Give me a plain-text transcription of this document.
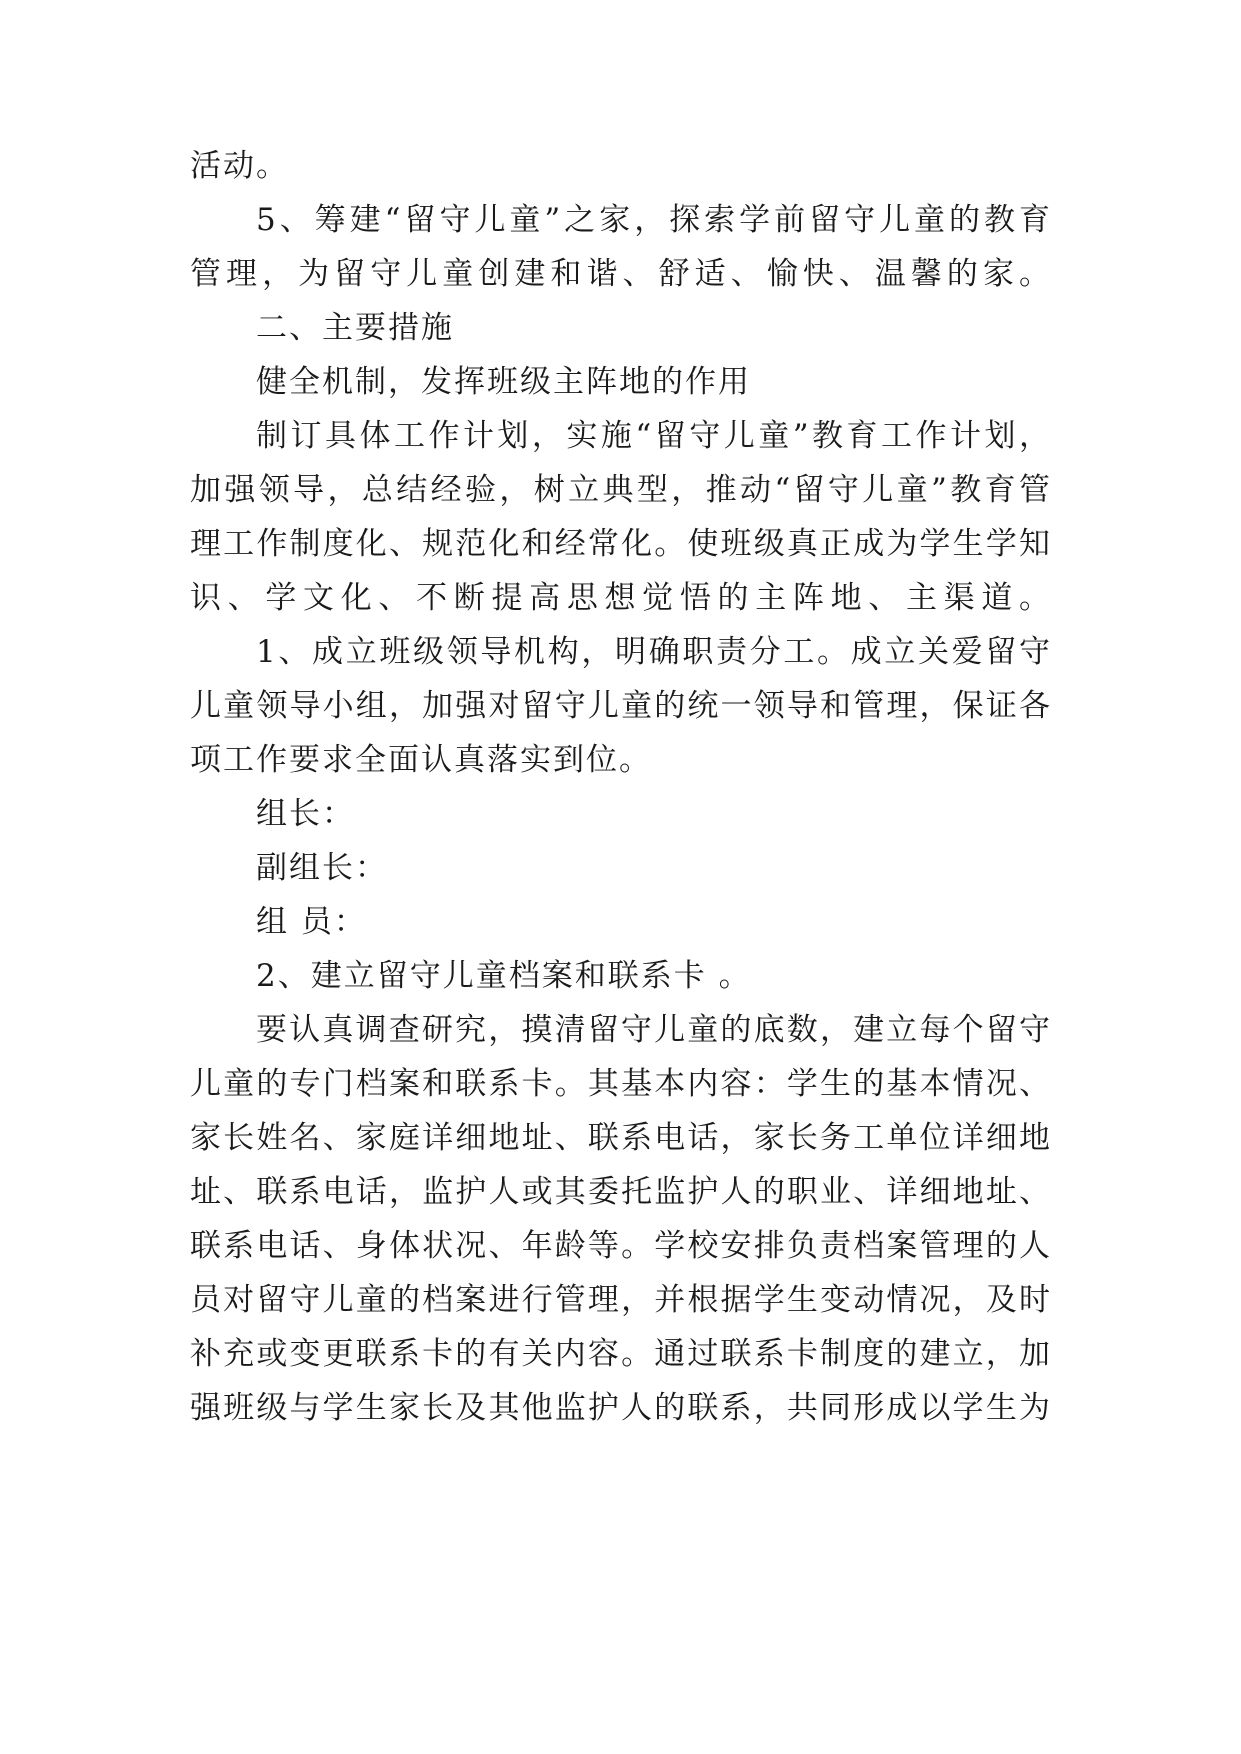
活动。
5、筹建“留守儿童”之家，探索学前留守儿童的教育
管理，为留守儿童创建和谐、舒适、愉快、温馨的家。
二、主要措施
健全机制，发挥班级主阵地的作用
制订具体工作计划，实施“留守儿童”教育工作计划，
加强领导，总结经验，树立典型，推动“留守儿童”教育管
理工作制度化、规范化和经常化。使班级真正成为学生学知
识、学文化、不断提高思想觉悟的主阵地、主渠道。
1、成立班级领导机构，明确职责分工。成立关爱留守
儿童领导小组，加强对留守儿童的统一领导和管理，保证各
项工作要求全面认真落实到位。
组长：
副组长：
组 员：
2、建立留守儿童档案和联系卡 。
要认真调查研究，摸清留守儿童的底数，建立每个留守
儿童的专门档案和联系卡。其基本内容：学生的基本情况、
家长姓名、家庭详细地址、联系电话，家长务工单位详细地
址、联系电话，监护人或其委托监护人的职业、详细地址、
联系电话、身体状况、年龄等。学校安排负责档案管理的人
员对留守儿童的档案进行管理，并根据学生变动情况，及时
补充或变更联系卡的有关内容。通过联系卡制度的建立，加
强班级与学生家长及其他监护人的联系，共同形成以学生为
